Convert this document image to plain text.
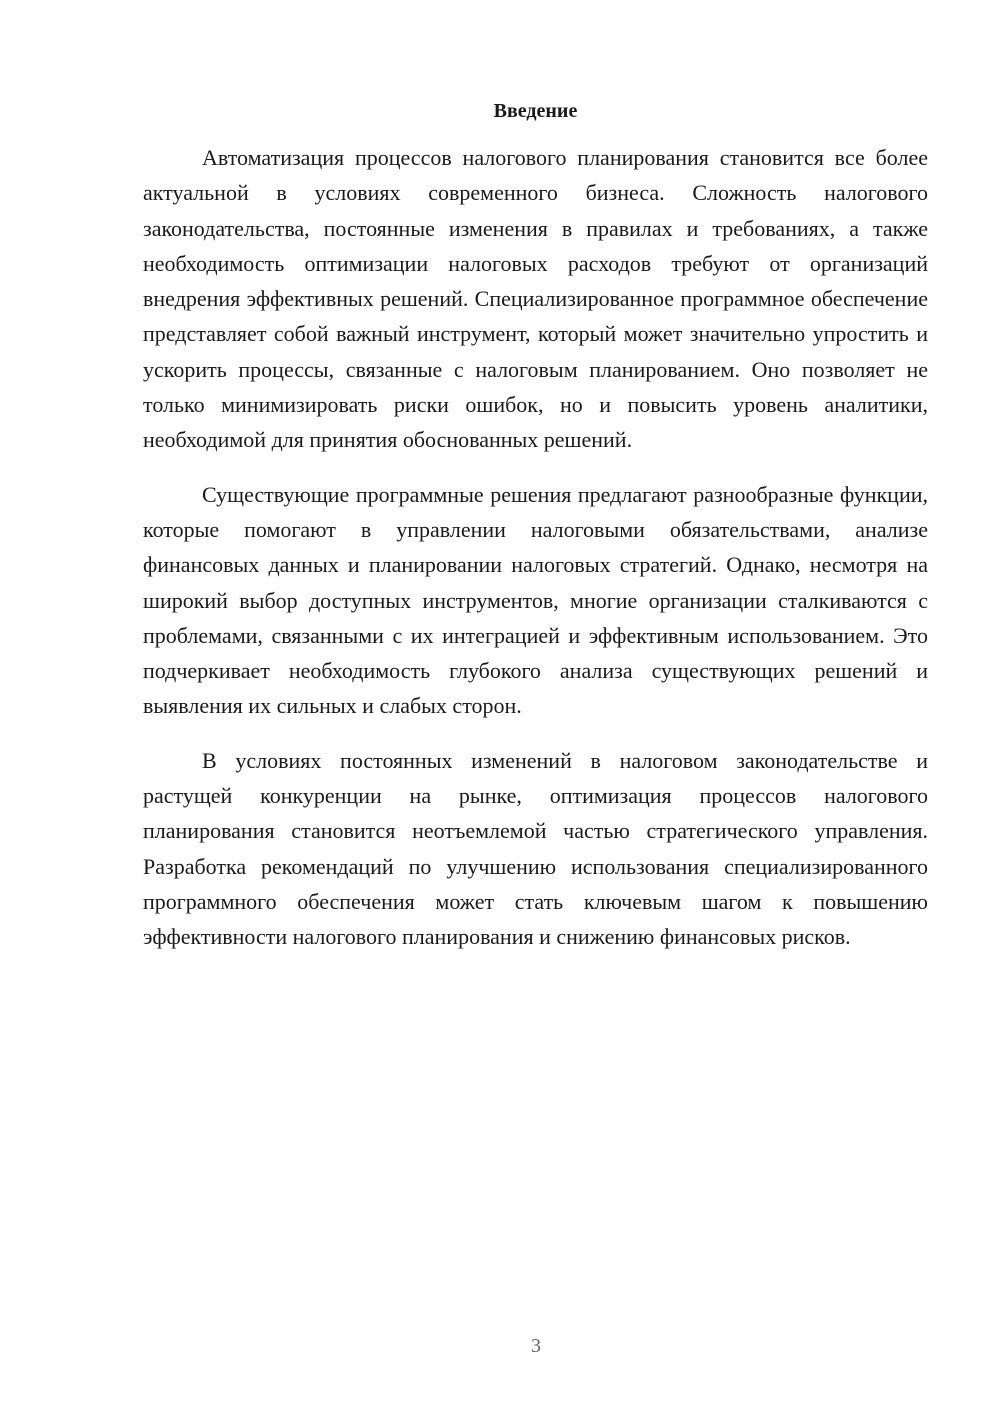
Введение

Автоматизация процессов налогового планирования становится все более актуальной в условиях современного бизнеса. Сложность налогового законодательства, постоянные изменения в правилах и требованиях, а также необходимость оптимизации налоговых расходов требуют от организаций внедрения эффективных решений. Специализированное программное обеспечение представляет собой важный инструмент, который может значительно упростить и ускорить процессы, связанные с налоговым планированием. Оно позволяет не только минимизировать риски ошибок, но и повысить уровень аналитики, необходимой для принятия обоснованных решений.

Существующие программные решения предлагают разнообразные функции, которые помогают в управлении налоговыми обязательствами, анализе финансовых данных и планировании налоговых стратегий. Однако, несмотря на широкий выбор доступных инструментов, многие организации сталкиваются с проблемами, связанными с их интеграцией и эффективным использованием. Это подчеркивает необходимость глубокого анализа существующих решений и выявления их сильных и слабых сторон.

В условиях постоянных изменений в налоговом законодательстве и растущей конкуренции на рынке, оптимизация процессов налогового планирования становится неотъемлемой частью стратегического управления. Разработка рекомендаций по улучшению использования специализированного программного обеспечения может стать ключевым шагом к повышению эффективности налогового планирования и снижению финансовых рисков.

3
